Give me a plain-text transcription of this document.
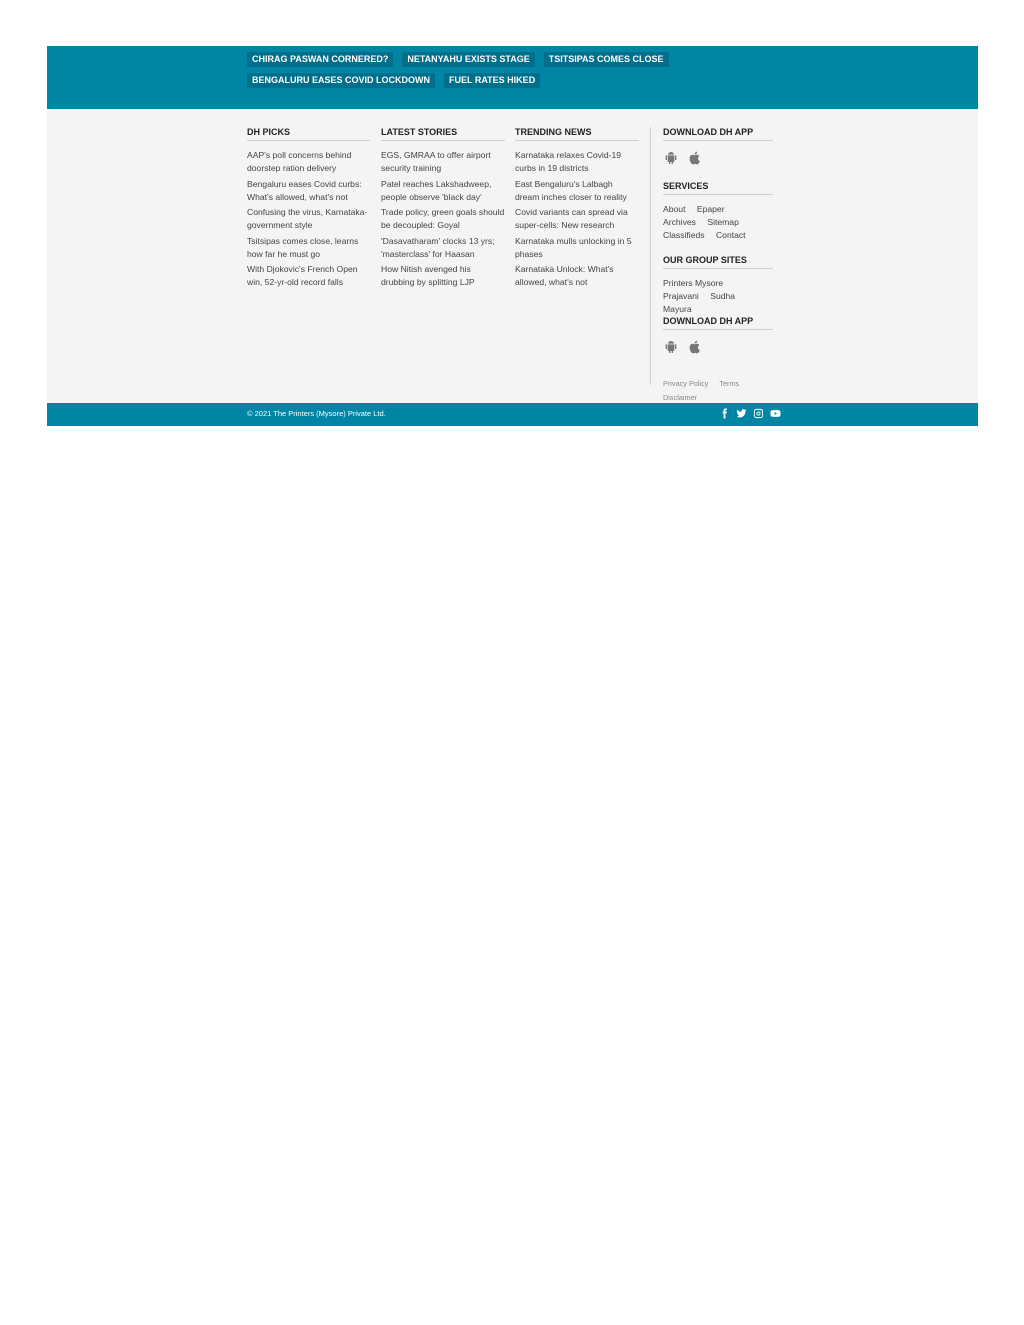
CHIRAG PASWAN CORNERED?	NETANYAHU EXISTS STAGE	TSITSIPAS COMES CLOSE
BENGALURU EASES COVID LOCKDOWN	FUEL RATES HIKED
DH PICKS
AAP's poll concerns behind doorstep ration delivery
Bengaluru eases Covid curbs: What's allowed, what's not
Confusing the virus, Karnataka-government style
Tsitsipas comes close, learns how far he must go
With Djokovic's French Open win, 52-yr-old record falls
LATEST STORIES
EGS, GMRAA to offer airport security training
Patel reaches Lakshadweep, people observe 'black day'
Trade policy, green goals should be decoupled: Goyal
'Dasavatharam' clocks 13 yrs; 'masterclass' for Haasan
How Nitish avenged his drubbing by splitting LJP
TRENDING NEWS
Karnataka relaxes Covid-19 curbs in 19 districts
East Bengaluru's Lalbagh dream inches closer to reality
Covid variants can spread via super-cells: New research
Karnataka mulls unlocking in 5 phases
Karnataka Unlock: What's allowed, what's not
DOWNLOAD DH APP
SERVICES
About Epaper Archives Sitemap Classifieds Contact
OUR GROUP SITES
Printers Mysore Prajavani Sudha Mayura
DOWNLOAD DH APP
Privacy Policy Terms
Disclaimer
© 2021 The Printers (Mysore) Private Ltd.
